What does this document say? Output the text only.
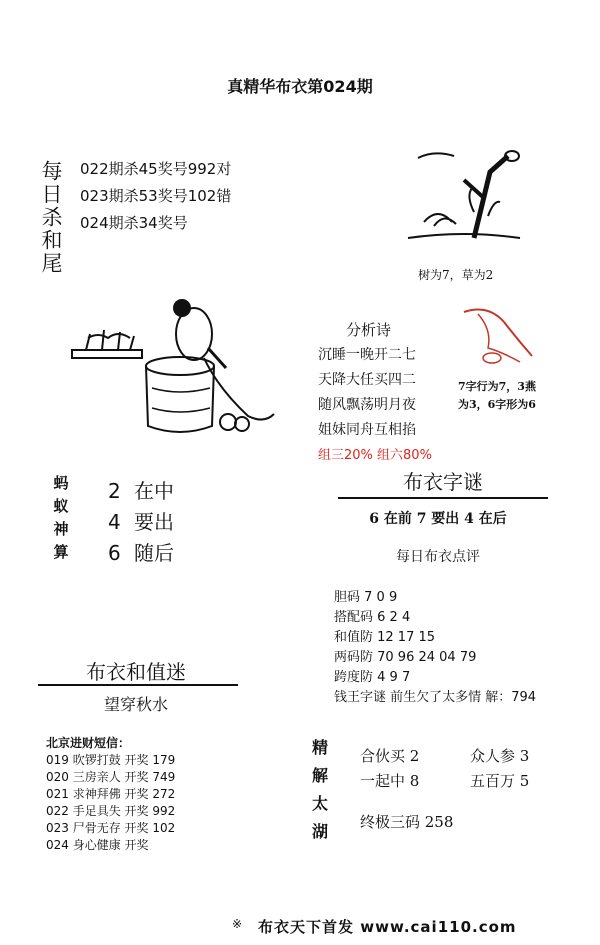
真精华布衣第024期
每日杀和尾 022期杀45奖号992对
023期杀53奖号102错
024期杀34奖号
树为7，草为2
分析诗
沉睡一晚开二七
天降大任买四二
随风飘荡明月夜
姐妹同舟互相掐
组三20% 组六80%
7字行为7，3燕
为3，6字形为6
蚂蚁神算
2 在中
4 要出
6 随后
布衣字谜
6 在前 7 要出 4 在后
每日布衣点评
胆码 7 0 9
搭配码 6 2 4
和值防 12 17 15
两码防 70 96 24 04 79
跨度防 4 9 7
钱王字谜 前生欠了太多情 解：794
布衣和值迷
望穿秋水
北京进财短信：
019 吹锣打鼓 开奖 179
020 三房亲人 开奖 749
021 求神拜佛 开奖 272
022 手足具失 开奖 992
023 尸骨无存 开奖 102
024 身心健康 开奖
精解太湖
合伙买 2	众人参 3
一起中 8	五百万 5
终极三码 258
※ 布衣天下首发 www.cai110.com
